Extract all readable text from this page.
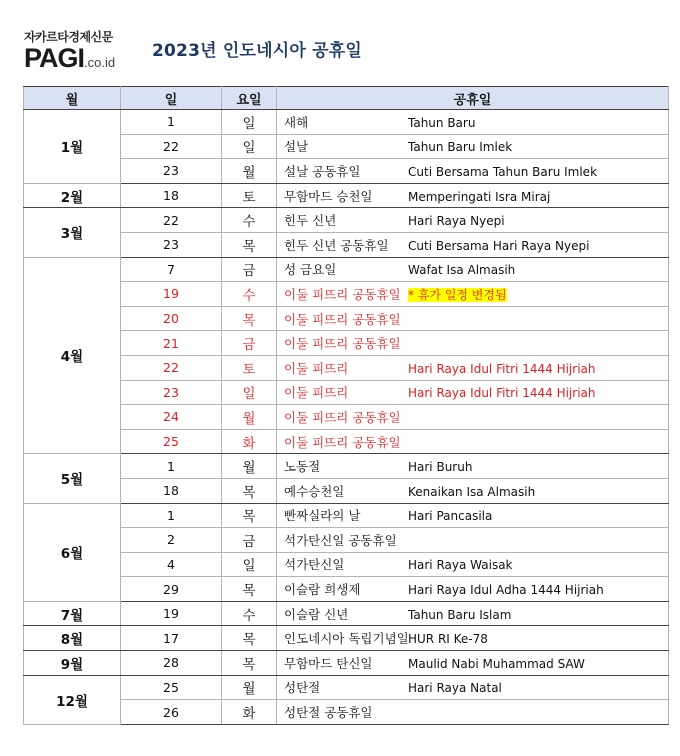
자카르타경제신문
PAGI.co.id
2023년 인도네시아 공휴일
월	일	요일	공휴일
1월	1	일	새해 Tahun Baru
	22	일	설날 Tahun Baru Imlek
	23	월	설날 공동휴일 Cuti Bersama Tahun Baru Imlek
2월	18	토	무함마드 승천일 Memperingati Isra Miraj
3월	22	수	힌두 신년 Hari Raya Nyepi
	23	목	힌두 신년 공동휴일 Cuti Bersama Hari Raya Nyepi
4월	7	금	성 금요일 Wafat Isa Almasih
	19	수	이둘 피뜨리 공동휴일 * 휴가 일정 변경됨
	20	목	이둘 피뜨리 공동휴일
	21	금	이둘 피뜨리 공동휴일
	22	토	이둘 피뜨리 Hari Raya Idul Fitri 1444 Hijriah
	23	일	이둘 피뜨리 Hari Raya Idul Fitri 1444 Hijriah
	24	월	이둘 피뜨리 공동휴일
	25	화	이둘 피뜨리 공동휴일
5월	1	월	노동절 Hari Buruh
	18	목	예수승천일 Kenaikan Isa Almasih
6월	1	목	빤짜실라의 날 Hari Pancasila
	2	금	석가탄신일 공동휴일
	4	일	석가탄신일 Hari Raya Waisak
	29	목	이슬람 희생제 Hari Raya Idul Adha 1444 Hijriah
7월	19	수	이슬람 신년 Tahun Baru Islam
8월	17	목	인도네시아 독립기념일HUR RI Ke-78
9월	28	목	무함마드 탄신일 Maulid Nabi Muhammad SAW
12월	25	월	성탄절 Hari Raya Natal
	26	화	성탄절 공동휴일
